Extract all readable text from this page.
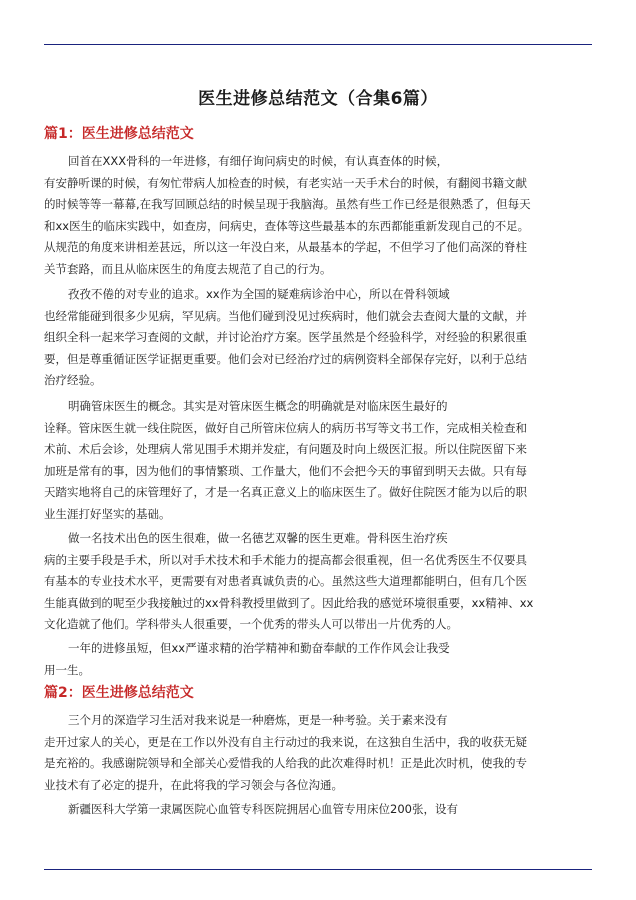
医生进修总结范文（合集6篇）
篇1：医生进修总结范文
回首在XXX骨科的一年进修，有细仔询问病史的时候，有认真查体的时候，
有安静听课的时候，有匆忙带病人加检查的时候，有老实站一天手术台的时候，有翻阅书籍文献
的时候等等一幕幕,在我写回顾总结的时候呈现于我脑海。虽然有些工作已经是很熟悉了，但每天
和xx医生的临床实践中，如查房，问病史，查体等这些最基本的东西都能重新发现自己的不足。
从规范的角度来讲相差甚远，所以这一年没白来，从最基本的学起，不但学习了他们高深的脊柱
关节套路，而且从临床医生的角度去规范了自己的行为。
孜孜不倦的对专业的追求。xx作为全国的疑难病诊治中心，所以在骨科领域
也经常能碰到很多少见病，罕见病。当他们碰到没见过疾病时，他们就会去查阅大量的文献，并
组织全科一起来学习查阅的文献，并讨论治疗方案。医学虽然是个经验科学，对经验的积累很重
要，但是尊重循证医学证据更重要。他们会对已经治疗过的病例资料全部保存完好，以利于总结
治疗经验。
明确管床医生的概念。其实是对管床医生概念的明确就是对临床医生最好的
诠释。管床医生就一线住院医，做好自己所管床位病人的病历书写等文书工作，完成相关检查和
术前、术后会诊，处理病人常见围手术期并发症，有问题及时向上级医汇报。所以住院医留下来
加班是常有的事，因为他们的事情繁琐、工作量大，他们不会把今天的事留到明天去做。只有每
天踏实地将自己的床管理好了，才是一名真正意义上的临床医生了。做好住院医才能为以后的职
业生涯打好坚实的基础。
做一名技术出色的医生很难，做一名德艺双馨的医生更难。骨科医生治疗疾
病的主要手段是手术，所以对手术技术和手术能力的提高都会很重视，但一名优秀医生不仅要具
有基本的专业技术水平，更需要有对患者真诚负责的心。虽然这些大道理都能明白，但有几个医
生能真做到的呢至少我接触过的xx骨科教授里做到了。因此给我的感觉环境很重要，xx精神、xx
文化造就了他们。学科带头人很重要，一个优秀的带头人可以带出一片优秀的人。
一年的进修虽短，但xx严谨求精的治学精神和勤奋奉献的工作作风会让我受
用一生。
篇2：医生进修总结范文
三个月的深造学习生活对我来说是一种磨炼，更是一种考验。关于素来没有
走开过家人的关心，更是在工作以外没有自主行动过的我来说，在这独自生活中，我的收获无疑
是充裕的。我感谢院领导和全部关心爱惜我的人给我的此次难得时机！正是此次时机，使我的专
业技术有了必定的提升，在此将我的学习领会与各位沟通。
新疆医科大学第一隶属医院心血管专科医院拥居心血管专用床位200张，设有
